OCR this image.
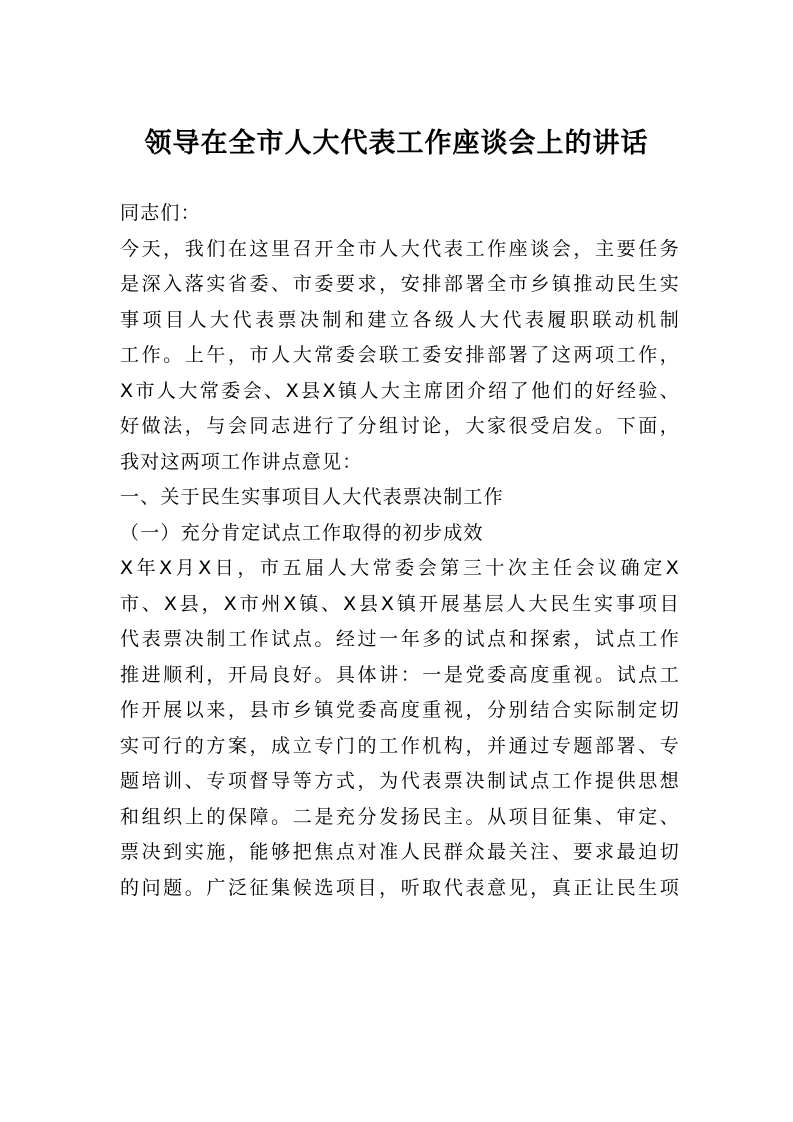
领导在全市人大代表工作座谈会上的讲话
同志们：
今天，我们在这里召开全市人大代表工作座谈会，主要任务
是深入落实省委、市委要求，安排部署全市乡镇推动民生实
事项目人大代表票决制和建立各级人大代表履职联动机制
工作。上午，市人大常委会联工委安排部署了这两项工作，
X市人大常委会、X县X镇人大主席团介绍了他们的好经验、
好做法，与会同志进行了分组讨论，大家很受启发。下面，
我对这两项工作讲点意见：
一、关于民生实事项目人大代表票决制工作
（一）充分肯定试点工作取得的初步成效
X年X月X日，市五届人大常委会第三十次主任会议确定X
市、X县，X市州X镇、X县X镇开展基层人大民生实事项目
代表票决制工作试点。经过一年多的试点和探索，试点工作
推进顺利，开局良好。具体讲：一是党委高度重视。试点工
作开展以来，县市乡镇党委高度重视，分别结合实际制定切
实可行的方案，成立专门的工作机构，并通过专题部署、专
题培训、专项督导等方式，为代表票决制试点工作提供思想
和组织上的保障。二是充分发扬民主。从项目征集、审定、
票决到实施，能够把焦点对准人民群众最关注、要求最迫切
的问题。广泛征集候选项目，听取代表意见，真正让民生项
